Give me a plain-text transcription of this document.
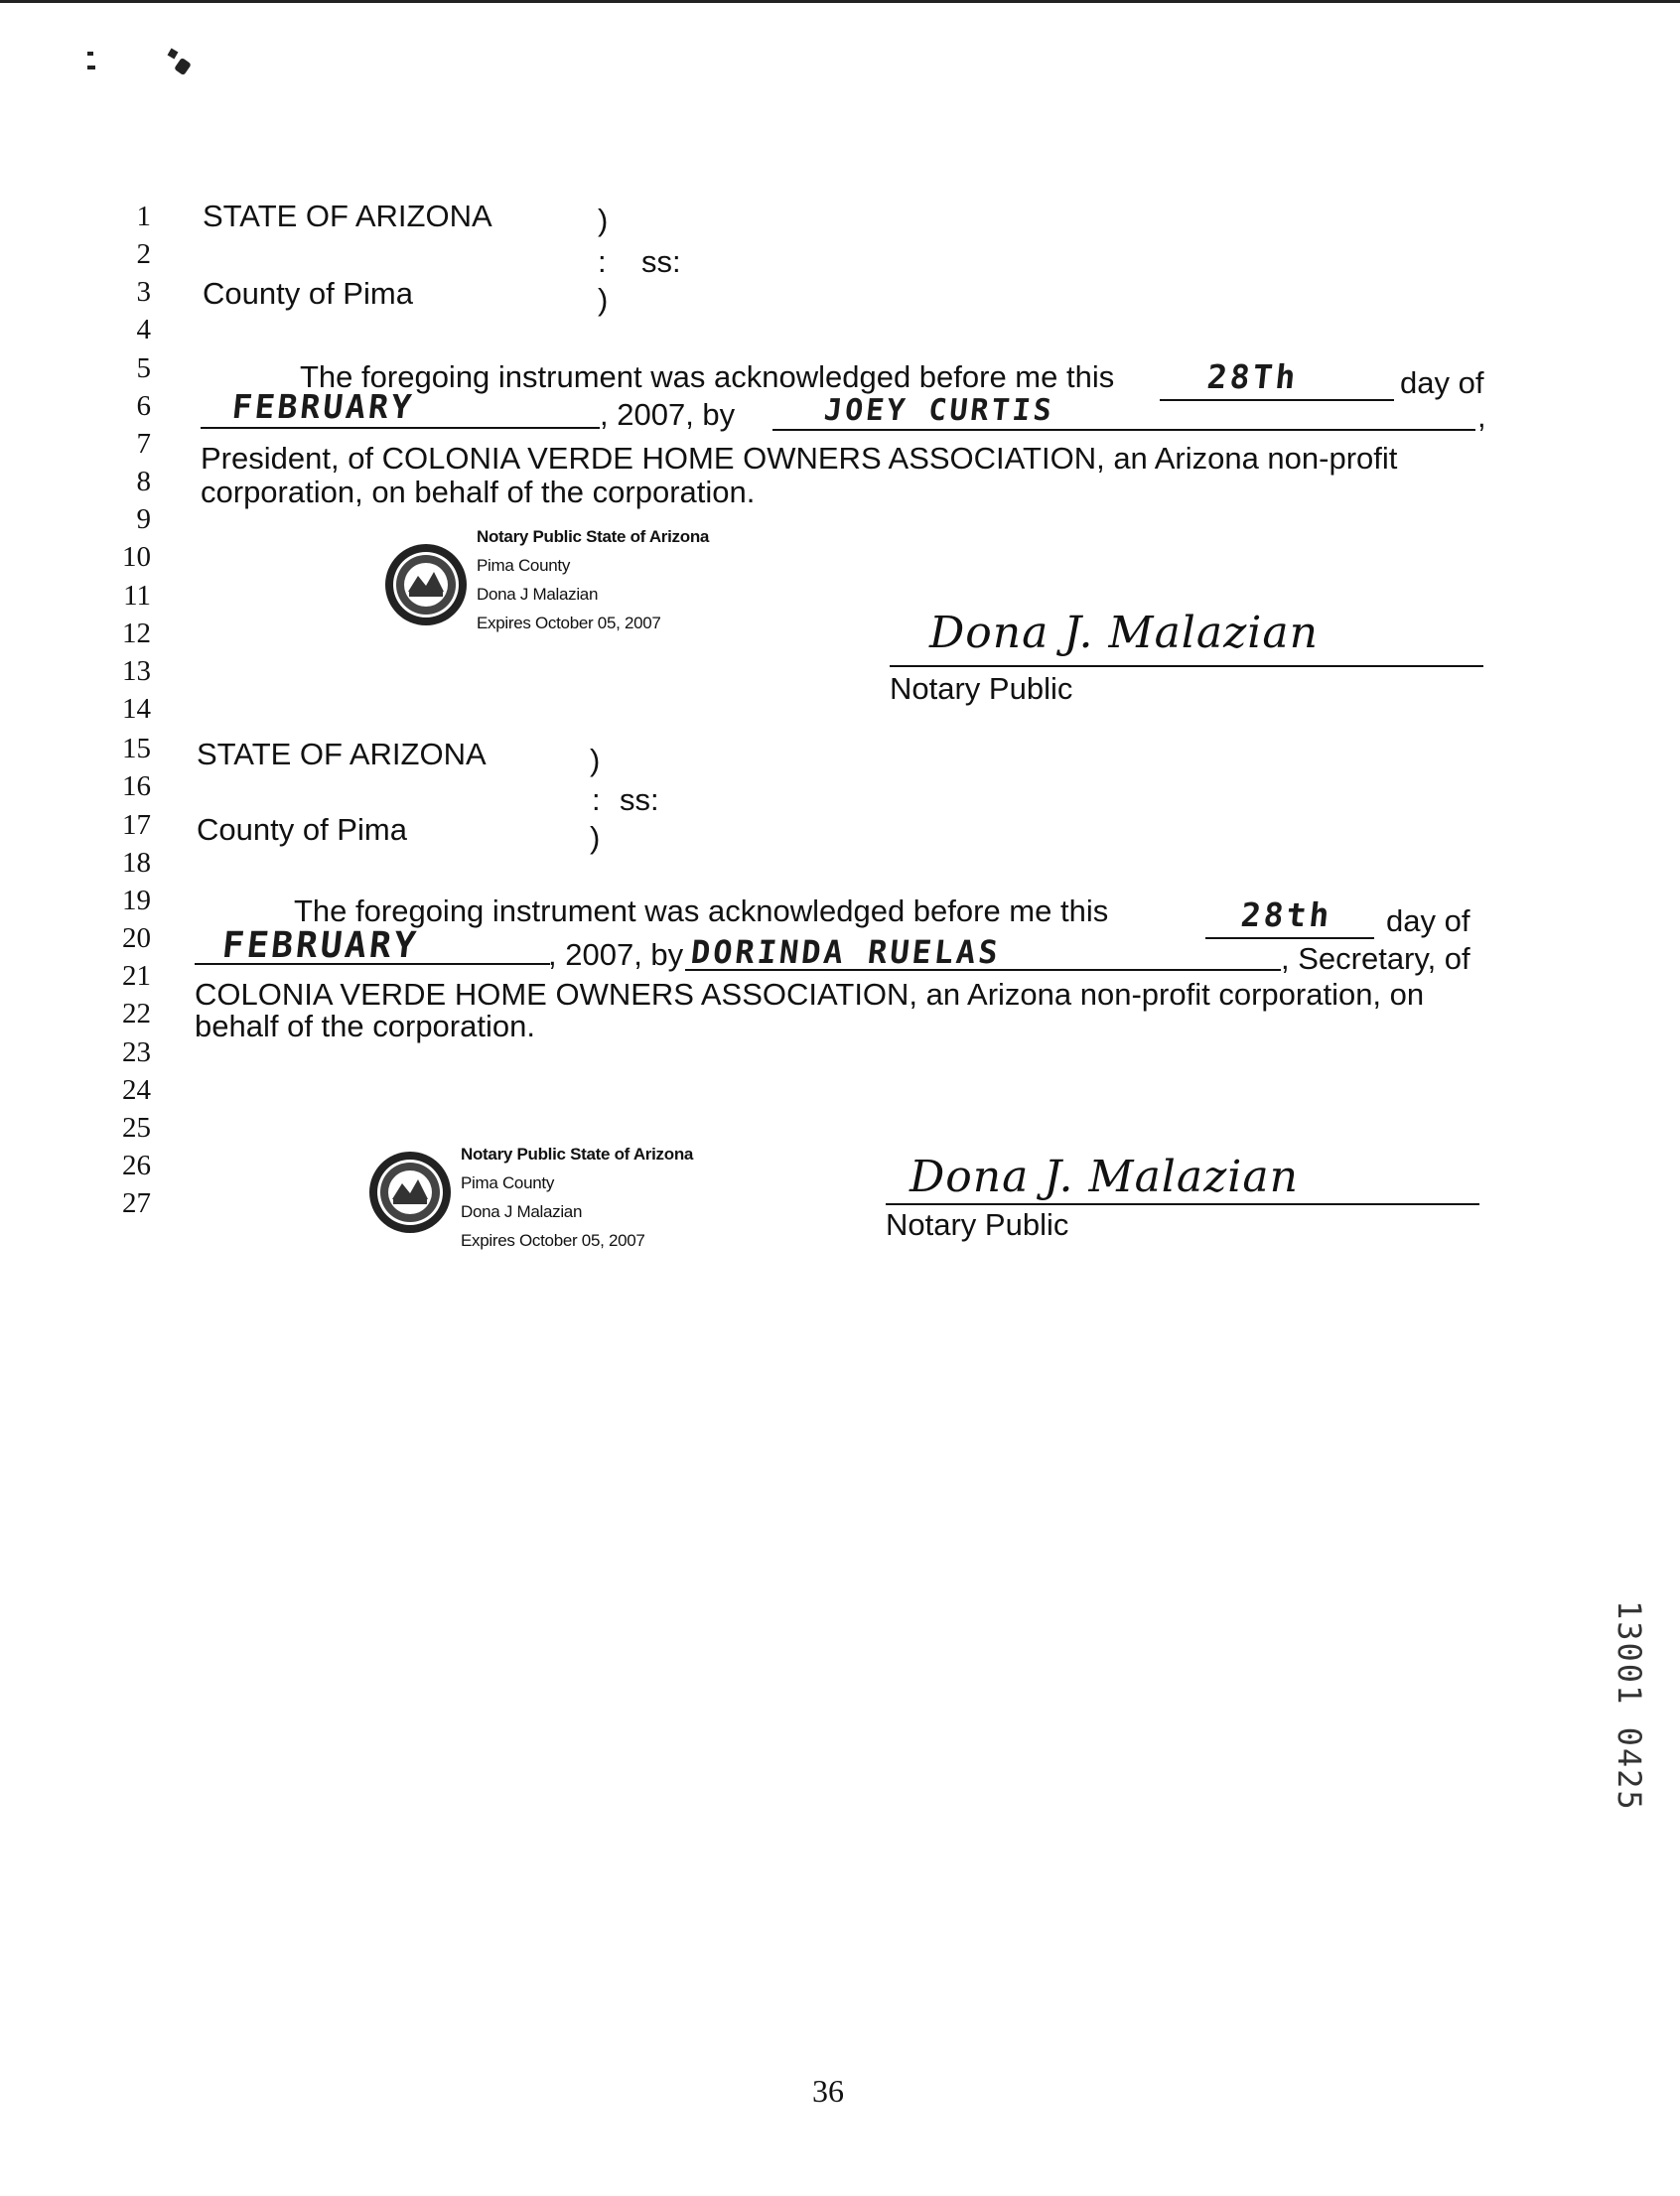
1
2
3
4
5
6
7
8
9
10
11
12
13
14
15
16
17
18
19
20
21
22
23
24
25
26
27
STATE OF ARIZONA	)
: ss:
County of Pima	)
The foregoing instrument was acknowledged before me this	28Th	day of
FEBRUARY	, 2007, by	JOEY CURTIS	,
President, of COLONIA VERDE HOME OWNERS ASSOCIATION, an Arizona non-profit
corporation, on behalf of the corporation.
Notary Public State of Arizona
Pima County
Dona J Malazian
Expires October 05, 2007	Dona J. Malazian
Notary Public
STATE OF ARIZONA	)
: ss:
County of Pima	)
The foregoing instrument was acknowledged before me this	28th day of
FEBRUARY	, 2007, by DORINDA RUELAS	, Secretary, of
COLONIA VERDE HOME OWNERS ASSOCIATION, an Arizona non-profit corporation, on
behalf of the corporation.
Notary Public State of Arizona
Pima County
Dona J Malazian
Expires October 05, 2007
Dona J. Malazian
Notary Public
13001 0425
36
